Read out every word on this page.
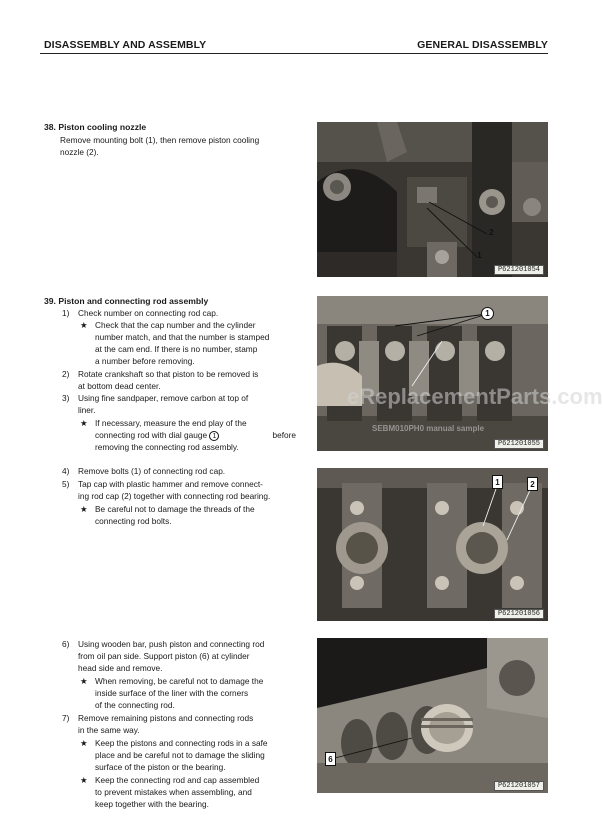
DISASSEMBLY AND ASSEMBLY	GENERAL DISASSEMBLY
38. Piston cooling nozzle
Remove mounting bolt (1), then remove piston cooling
nozzle (2).
39. Piston and connecting rod assembly
1) Check number on connecting rod cap.
★ Check that the cap number and the cylinder
number match, and that the number is stamped
at the cam end. If there is no number, stamp
a number before removing.
2) Rotate crankshaft so that piston to be removed is
at bottom dead center.
3) Using fine sandpaper, remove carbon at top of
liner.
★ If necessary, measure the end play of the
connecting rod with dial gauge 1	before
removing the connecting rod assembly.
4) Remove bolts (1) of connecting rod cap.
5) Tap cap with plastic hammer and remove connect-
ing rod cap (2) together with connecting rod bearing.
★ Be careful not to damage the threads of the
connecting rod bolts.
6) Using wooden bar, push piston and connecting rod
from oil pan side. Support piston (6) at cylinder
head side and remove.
★ When removing, be careful not to damage the
inside surface of the liner with the corners
of the connecting rod.
7) Remove remaining pistons and connecting rods
in the same way.
★ Keep the pistons and connecting rods in a safe
place and be careful not to damage the sliding
surface of the piston or the bearing.
★ Keep the connecting rod and cap assembled
to prevent mistakes when assembling, and
keep together with the bearing.
2
1
P621201054
1
eReplacementParts.com
SEBM010PH0 manual sample
P621201055
1	2
P621201056
6
P621201057
